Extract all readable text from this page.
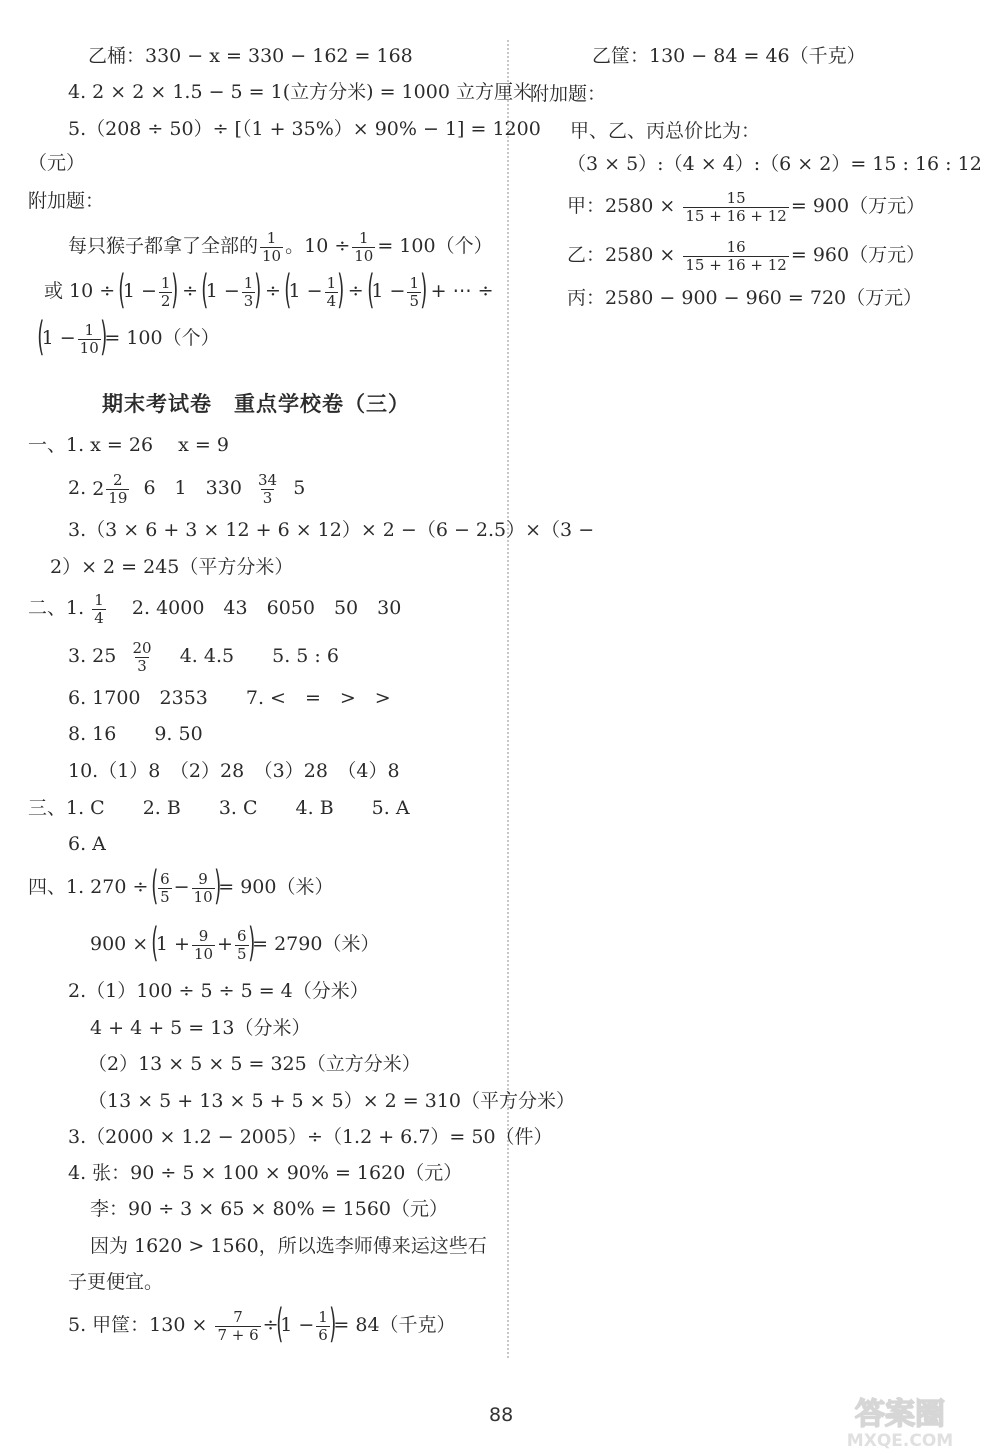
乙桶：330 − x = 330 − 162 = 168
4. 2 × 2 × 1.5 − 5 = 1(立方分米) = 1000 立方厘米
5.（208 ÷ 50）÷ [（1 + 35%）× 90% − 1] = 1200
（元）
附加题：
每只猴子都拿了全部的 $\frac{1}{10}$ 。$10 \div \frac{1}{10} = 100$（个）
或 $10 \div (1 - \frac{1}{2}$ ) ÷ ($1 - \frac{1}{3}$ ) ÷ ($1 - \frac{1}{4}$ ) ÷ ($1 - \frac{1}{5}$ ) + ⋯ ÷
($1 - \frac{1}{10}$ )= 100（个）
期末考试卷　重点学校卷（三）
一、1. x = 26　 x = 9
2. $2 \frac{2}{19} 6$　1　$330 \frac{34}{3} 5$
3.（3 × 6 + 3 × 12 + 6 × 12）× 2 −（6 − 2.5）×（3 −
2）× 2 = 245（平方分米）
二、1. $\frac{1}{4} 2$. 4000　43　6050　50　30
3. $25 \frac{20}{3} 4$. 4.5　　5. 5 : 6
6. 1700　2353　　7. <　=　>　>
8. 16　　9. 50
10.（1）8　（2）28　（3）28　（4）8
三、1. C　　2. B　　3. C　　4. B　　5. A
6. A
四、1. 270 ÷ ( $\frac{6}{5} - \frac{9}{10}$ )= 900（米）
$900 \times (1 + \frac{9}{10} + \frac{6}{5}$ )= 2790（米）
2.（1）100 ÷ 5 ÷ 5 = 4（分米）
4 + 4 + 5 = 13（分米）
（2）13 × 5 × 5 = 325（立方分米）
（13 × 5 + 13 × 5 + 5 × 5）× 2 = 310（平方分米）
3.（2000 × 1.2 − 2005）÷（1.2 + 6.7）= 50（件）
4. 张：90 ÷ 5 × 100 × 90% = 1620（元）
李：90 ÷ 3 × 65 × 80% = 1560（元）
因为 1620 > 1560，所以选李师傅来运这些石
子更便宜。
5. 甲筐：$130 \times \frac{7}{7 + 6} \div(1 - \frac{1}{6}$ )= 84（千克）
乙筐：130 − 84 = 46（千克）
附加题：
甲、乙、丙总价比为：
（3 × 5）:（4 × 4）:（6 × 2）= 15 : 16 : 12
甲：$2580 \times \frac{15}{15 + 16 + 12} = 900$（万元）
乙：$2580 \times \frac{16}{15 + 16 + 12} = 960$（万元）
丙：2580 − 900 − 960 = 720（万元）
88	答案圈
MXQE.COM
